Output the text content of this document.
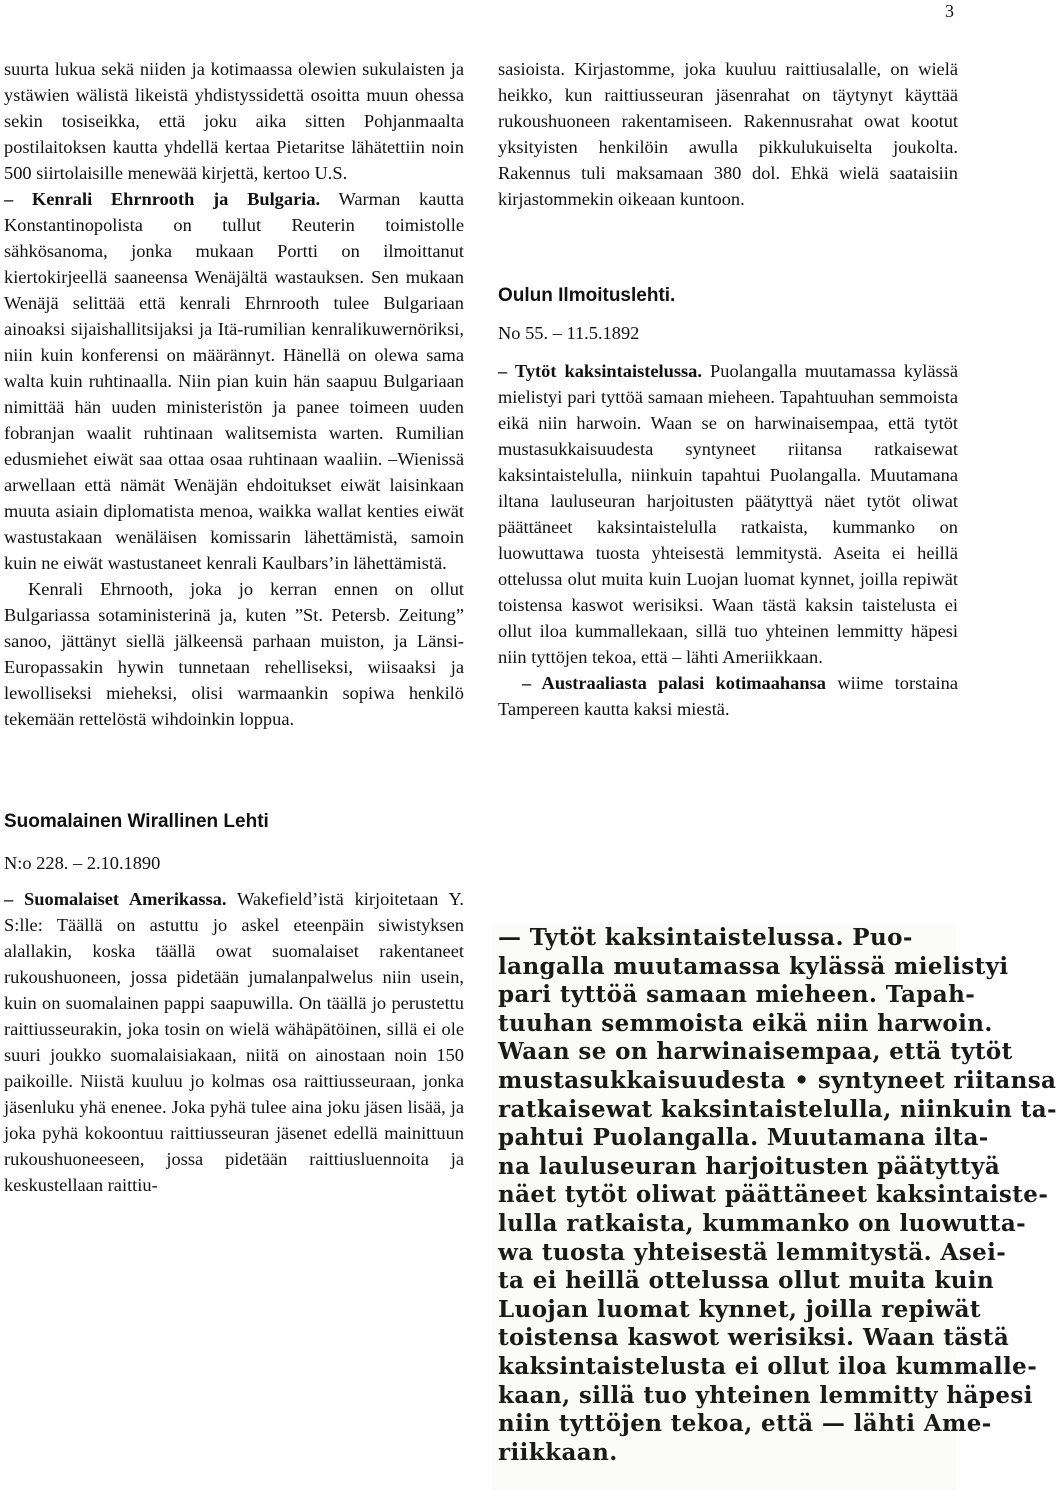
3

suurta lukua sekä niiden ja kotimaassa olewien sukulaisten ja ystäwien wälistä likeistä yhdistyssidettä osoitta muun ohessa sekin tosiseikka, että joku aika sitten Pohjanmaalta postilaitoksen kautta yhdellä kertaa Pietaritse lähätettiin noin 500 siirtolaisille menewää kirjettä, kertoo U.S.

– Kenrali Ehrnrooth ja Bulgaria. Warman kautta Konstantinopolista on tullut Reuterin toimistolle sähkösanoma, jonka mukaan Portti on ilmoittanut kiertokirjeellä saaneensa Wenäjältä wastauksen. Sen mukaan Wenäjä selittää että kenrali Ehrnrooth tulee Bulgariaan ainoaksi sijaishallitsijaksi ja Itä-rumilian kenralikuwernöriksi, niin kuin konferensi on määrännyt. Hänellä on olewa sama walta kuin ruhtinaalla. Niin pian kuin hän saapuu Bulgariaan nimittää hän uuden ministeristön ja panee toimeen uuden fobranjan waalit ruhtinaan walitsemista warten. Rumilian edusmiehet eiwät saa ottaa osaa ruhtinaan waaliin. –Wienissä arwellaan että nämät Wenäjän ehdoitukset eiwät laisinkaan muuta asiain diplomatista menoa, waikka wallat kenties eiwät wastustakaan wenäläisen komissarin lähettämistä, samoin kuin ne eiwät wastustaneet kenrali Kaulbars’in lähettämistä.

Kenrali Ehrnooth, joka jo kerran ennen on ollut Bulgariassa sotaministerinä ja, kuten ”St. Petersb. Zeitung” sanoo, jättänyt siellä jälkeensä parhaan muiston, ja Länsi-Europassakin hywin tunnetaan rehelliseksi, wiisaaksi ja lewolliseksi mieheksi, olisi warmaankin sopiwa henkilö tekemään rettelöstä wihdoinkin loppua.

Suomalainen Wirallinen Lehti

N:o 228. – 2.10.1890

– Suomalaiset Amerikassa. Wakefield’istä kirjoitetaan Y. S:lle: Täällä on astuttu jo askel eteenpäin siwistyksen alallakin, koska täällä owat suomalaiset rakentaneet rukoushuoneen, jossa pidetään jumalanpalwelus niin usein, kuin on suomalainen pappi saapuwilla. On täällä jo perustettu raittiusseurakin, joka tosin on wielä wähäpätöinen, sillä ei ole suuri joukko suomalaisiakaan, niitä on ainostaan noin 150 paikoille. Niistä kuuluu jo kolmas osa raittiusseuraan, jonka jäsenluku yhä enenee. Joka pyhä tulee aina joku jäsen lisää, ja joka pyhä kokoontuu raittiusseuran jäsenet edellä mainittuun rukoushuoneeseen, jossa pidetään raittiusluennoita ja keskustellaan raittiu-

sasioista. Kirjastomme, joka kuuluu raittiusalalle, on wielä heikko, kun raittiusseuran jäsenrahat on täytynyt käyttää rukoushuoneen rakentamiseen. Rakennusrahat owat kootut yksityisten henkilöin awulla pikkulukuiselta joukolta. Rakennus tuli maksamaan 380 dol. Ehkä wielä saataisiin kirjastommekin oikeaan kuntoon.

Oulun Ilmoituslehti.

No 55. – 11.5.1892

– Tytöt kaksintaistelussa. Puolangalla muutamassa kylässä mielistyi pari tyttöä samaan mieheen. Tapahtuuhan semmoista eikä niin harwoin. Waan se on harwinaisempaa, että tytöt mustasukkaisuudesta syntyneet riitansa ratkaisewat kaksintaistelulla, niinkuin tapahtui Puolangalla. Muutamana iltana lauluseuran harjoitusten päätyttyä näet tytöt oliwat päättäneet kaksintaistelulla ratkaista, kummanko on luowuttawa tuosta yhteisestä lemmitystä. Aseita ei heillä ottelussa olut muita kuin Luojan luomat kynnet, joilla repiwät toistensa kaswot werisiksi. Waan tästä kaksin taistelusta ei ollut iloa kummallekaan, sillä tuo yhteinen lemmitty häpesi niin tyttöjen tekoa, että – lähti Ameriikkaan.

– Austraaliasta palasi kotimaahansa wiime torstaina Tampereen kautta kaksi miestä.

— Tytöt kaksintaistelussa. Puo-
langalla muutamassa kylässä mielistyi
pari tyttöä samaan mieheen. Tapah-
tuuhan semmoista eikä niin harwoin.
Waan se on harwinaisempaa, että tytöt
mustasukkaisuudesta • syntyneet riitansa
ratkaisewat kaksintaistelulla, niinkuin ta-
pahtui Puolangalla. Muutamana ilta-
na lauluseuran harjoitusten päätyttyä
näet tytöt oliwat päättäneet kaksintaiste-
lulla ratkaista, kummanko on luowutta-
wa tuosta yhteisestä lemmitystä. Asei-
ta ei heillä ottelussa ollut muita kuin
Luojan luomat kynnet, joilla repiwät
toistensa kaswot werisiksi. Waan tästä
kaksintaistelusta ei ollut iloa kummalle-
kaan, sillä tuo yhteinen lemmitty häpesi
niin tyttöjen tekoa, että — lähti Ame-
riikkaan.
